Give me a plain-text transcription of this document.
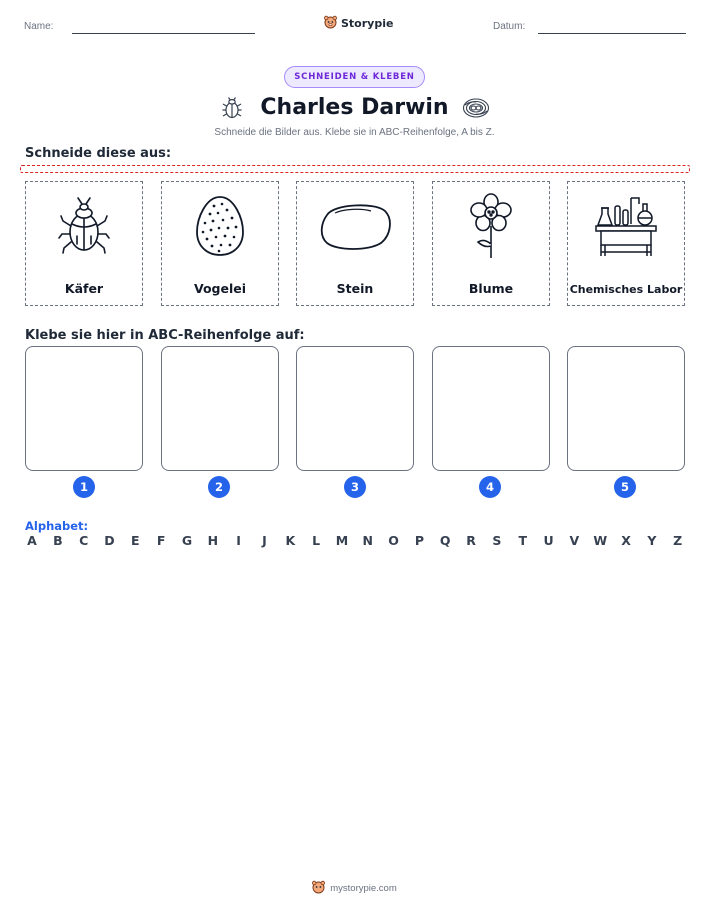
Name:	Storypie	Datum:
SCHNEIDEN & KLEBEN
Charles Darwin
Schneide die Bilder aus. Klebe sie in ABC-Reihenfolge, A bis Z.
Schneide diese aus:
Käfer	Vogelei	Stein	Blume	Chemisches Labor
Klebe sie hier in ABC-Reihenfolge auf:
1	2	3	4	5
Alphabet:
A B C D E F G H	I	J	K L M N O P Q R S T U V W X Y Z
mystorypie.com
